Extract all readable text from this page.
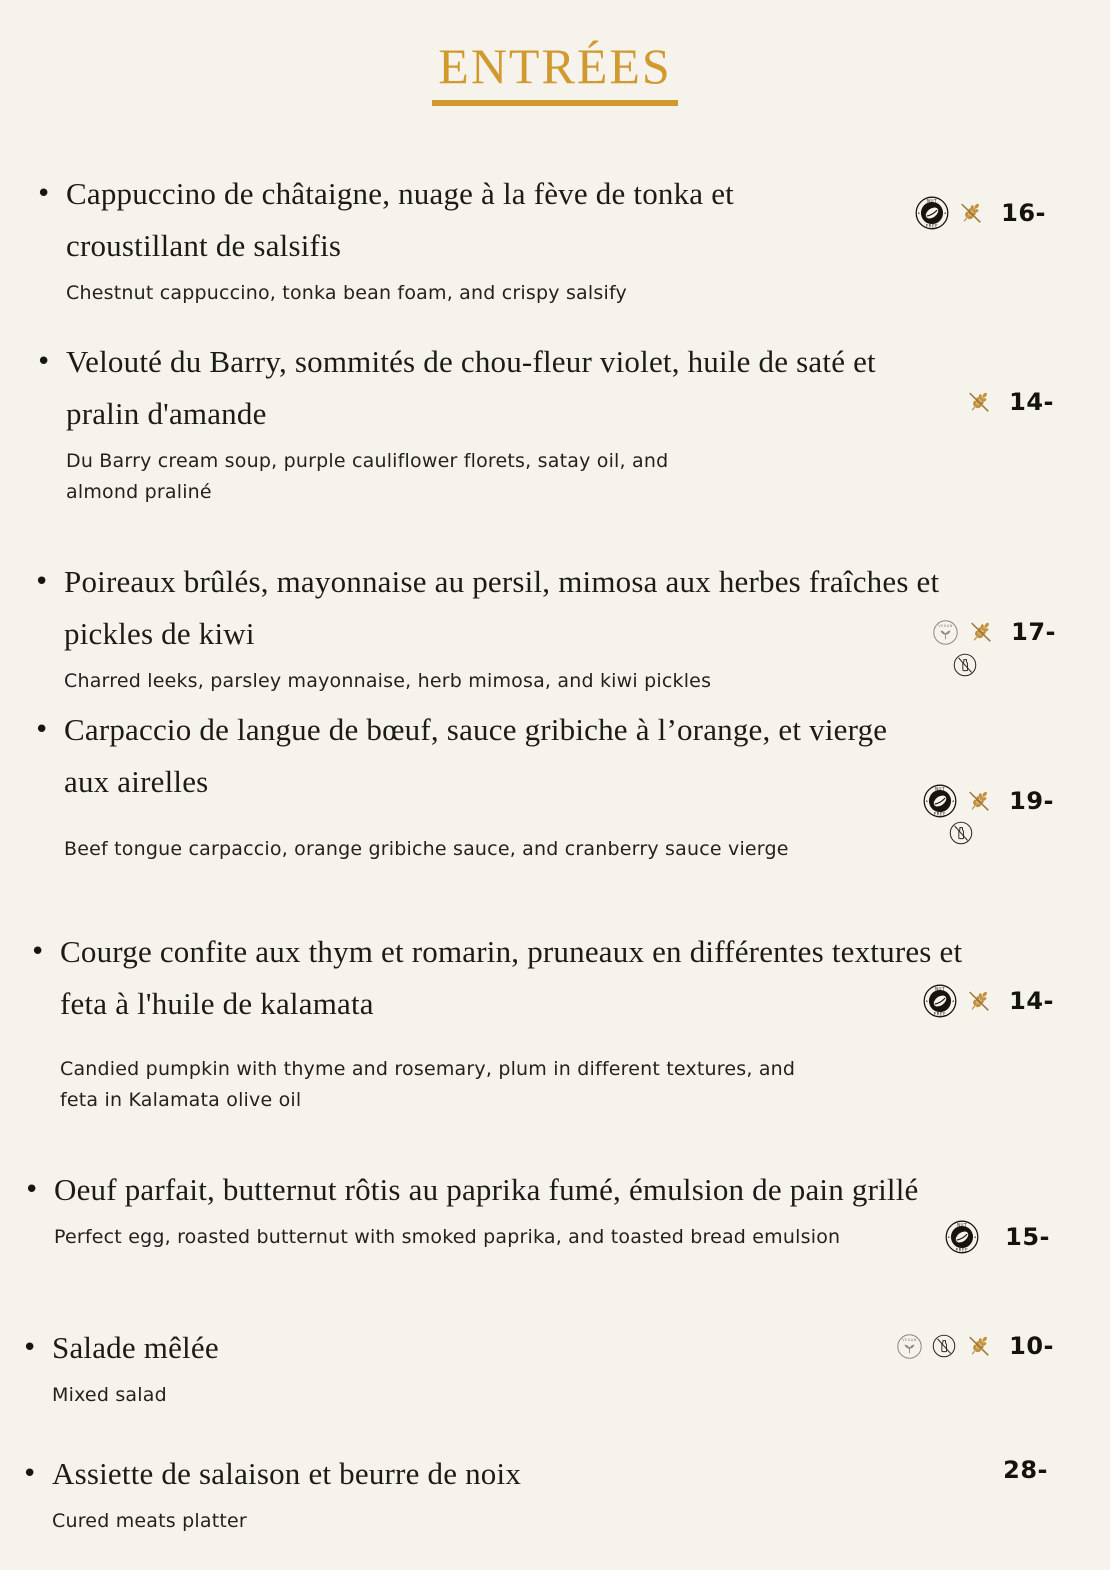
ENTRÉES
• Cappuccino de châtaigne, nuage à la fève de tonka et
croustillant de salsifis
Chestnut cappuccino, tonka bean foam, and crispy salsify
NUT
FREE	16-
• Velouté du Barry, sommités de chou-fleur violet, huile de saté et
pralin d'amande
Du Barry cream soup, purple cauliflower florets, satay oil, and
almond praliné
14-
• Poireaux brûlés, mayonnaise au persil, mimosa aux herbes fraîches et
pickles de kiwi
Charred leeks, parsley mayonnaise, herb mimosa, and kiwi pickles
VEGAN 17-
• Carpaccio de langue de bœuf, sauce gribiche à l’orange, et vierge
aux airelles
Beef tongue carpaccio, orange gribiche sauce, and cranberry sauce vierge
NUT
FREE	19-
• Courge confite aux thym et romarin, pruneaux en différentes textures et
feta à l'huile de kalamata
Candied pumpkin with thyme and rosemary, plum in different textures, and
feta in Kalamata olive oil
NUT
FREE	14-
• Oeuf parfait, butternut rôtis au paprika fumé, émulsion de pain grillé
Perfect egg, roasted butternut with smoked paprika, and toasted bread emulsion
NUT
FREE 15-
• Salade mêlée
Mixed salad
VEGAN	10-
• Assiette de salaison et beurre de noix
Cured meats platter
28-
